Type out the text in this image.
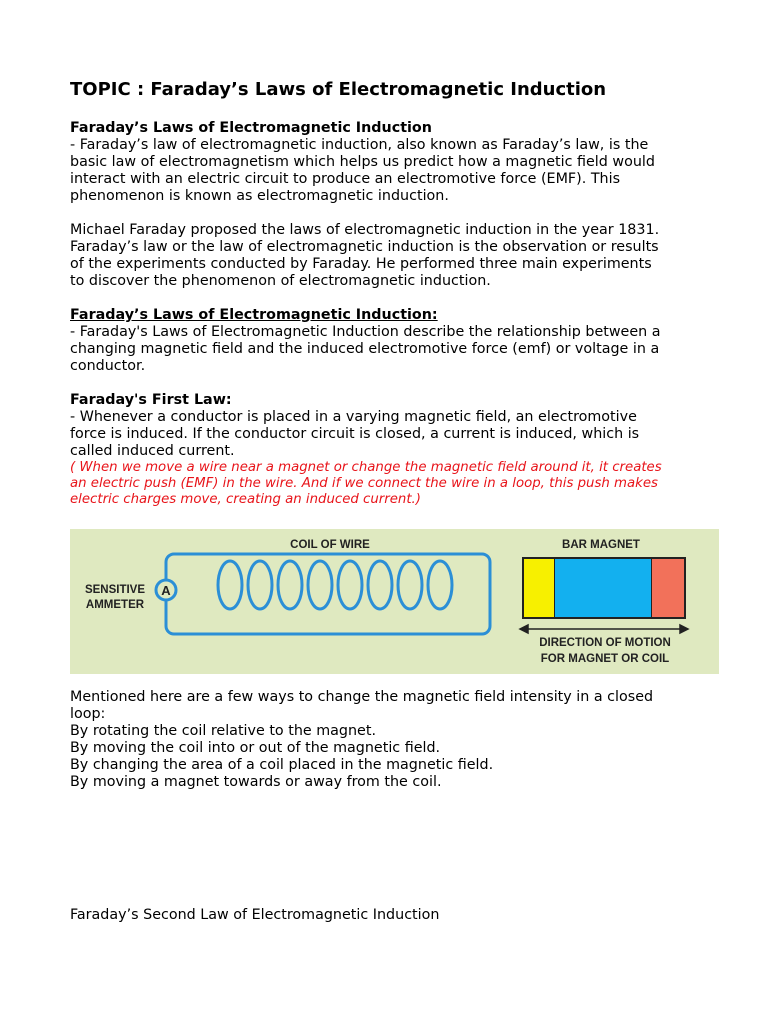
TOPIC : Faraday’s Laws of Electromagnetic Induction

Faraday’s Laws of Electromagnetic Induction

- Faraday’s law of electromagnetic induction, also known as Faraday’s law, is the
basic law of electromagnetism which helps us predict how a magnetic field would
interact with an electric circuit to produce an electromotive force (EMF). This
phenomenon is known as electromagnetic induction.

Michael Faraday proposed the laws of electromagnetic induction in the year 1831.
Faraday’s law or the law of electromagnetic induction is the observation or results
of the experiments conducted by Faraday. He performed three main experiments
to discover the phenomenon of electromagnetic induction.

Faraday’s Laws of Electromagnetic Induction:

- Faraday's Laws of Electromagnetic Induction describe the relationship between a
changing magnetic field and the induced electromotive force (emf) or voltage in a
conductor.

Faraday's First Law:

- Whenever a conductor is placed in a varying magnetic field, an electromotive
force is induced. If the conductor circuit is closed, a current is induced, which is
called induced current.

( When we move a wire near a magnet or change the magnetic field around it, it creates
an electric push (EMF) in the wire. And if we connect the wire in a loop, this push makes
electric charges move, creating an induced current.)

A
SENSITIVE
AMMETER
COIL OF WIRE	BAR MAGNET
DIRECTION OF MOTION
FOR MAGNET OR COIL

Mentioned here are a few ways to change the magnetic field intensity in a closed
loop:
By rotating the coil relative to the magnet.
By moving the coil into or out of the magnetic field.
By changing the area of a coil placed in the magnetic field.
By moving a magnet towards or away from the coil.

Faraday’s Second Law of Electromagnetic Induction
